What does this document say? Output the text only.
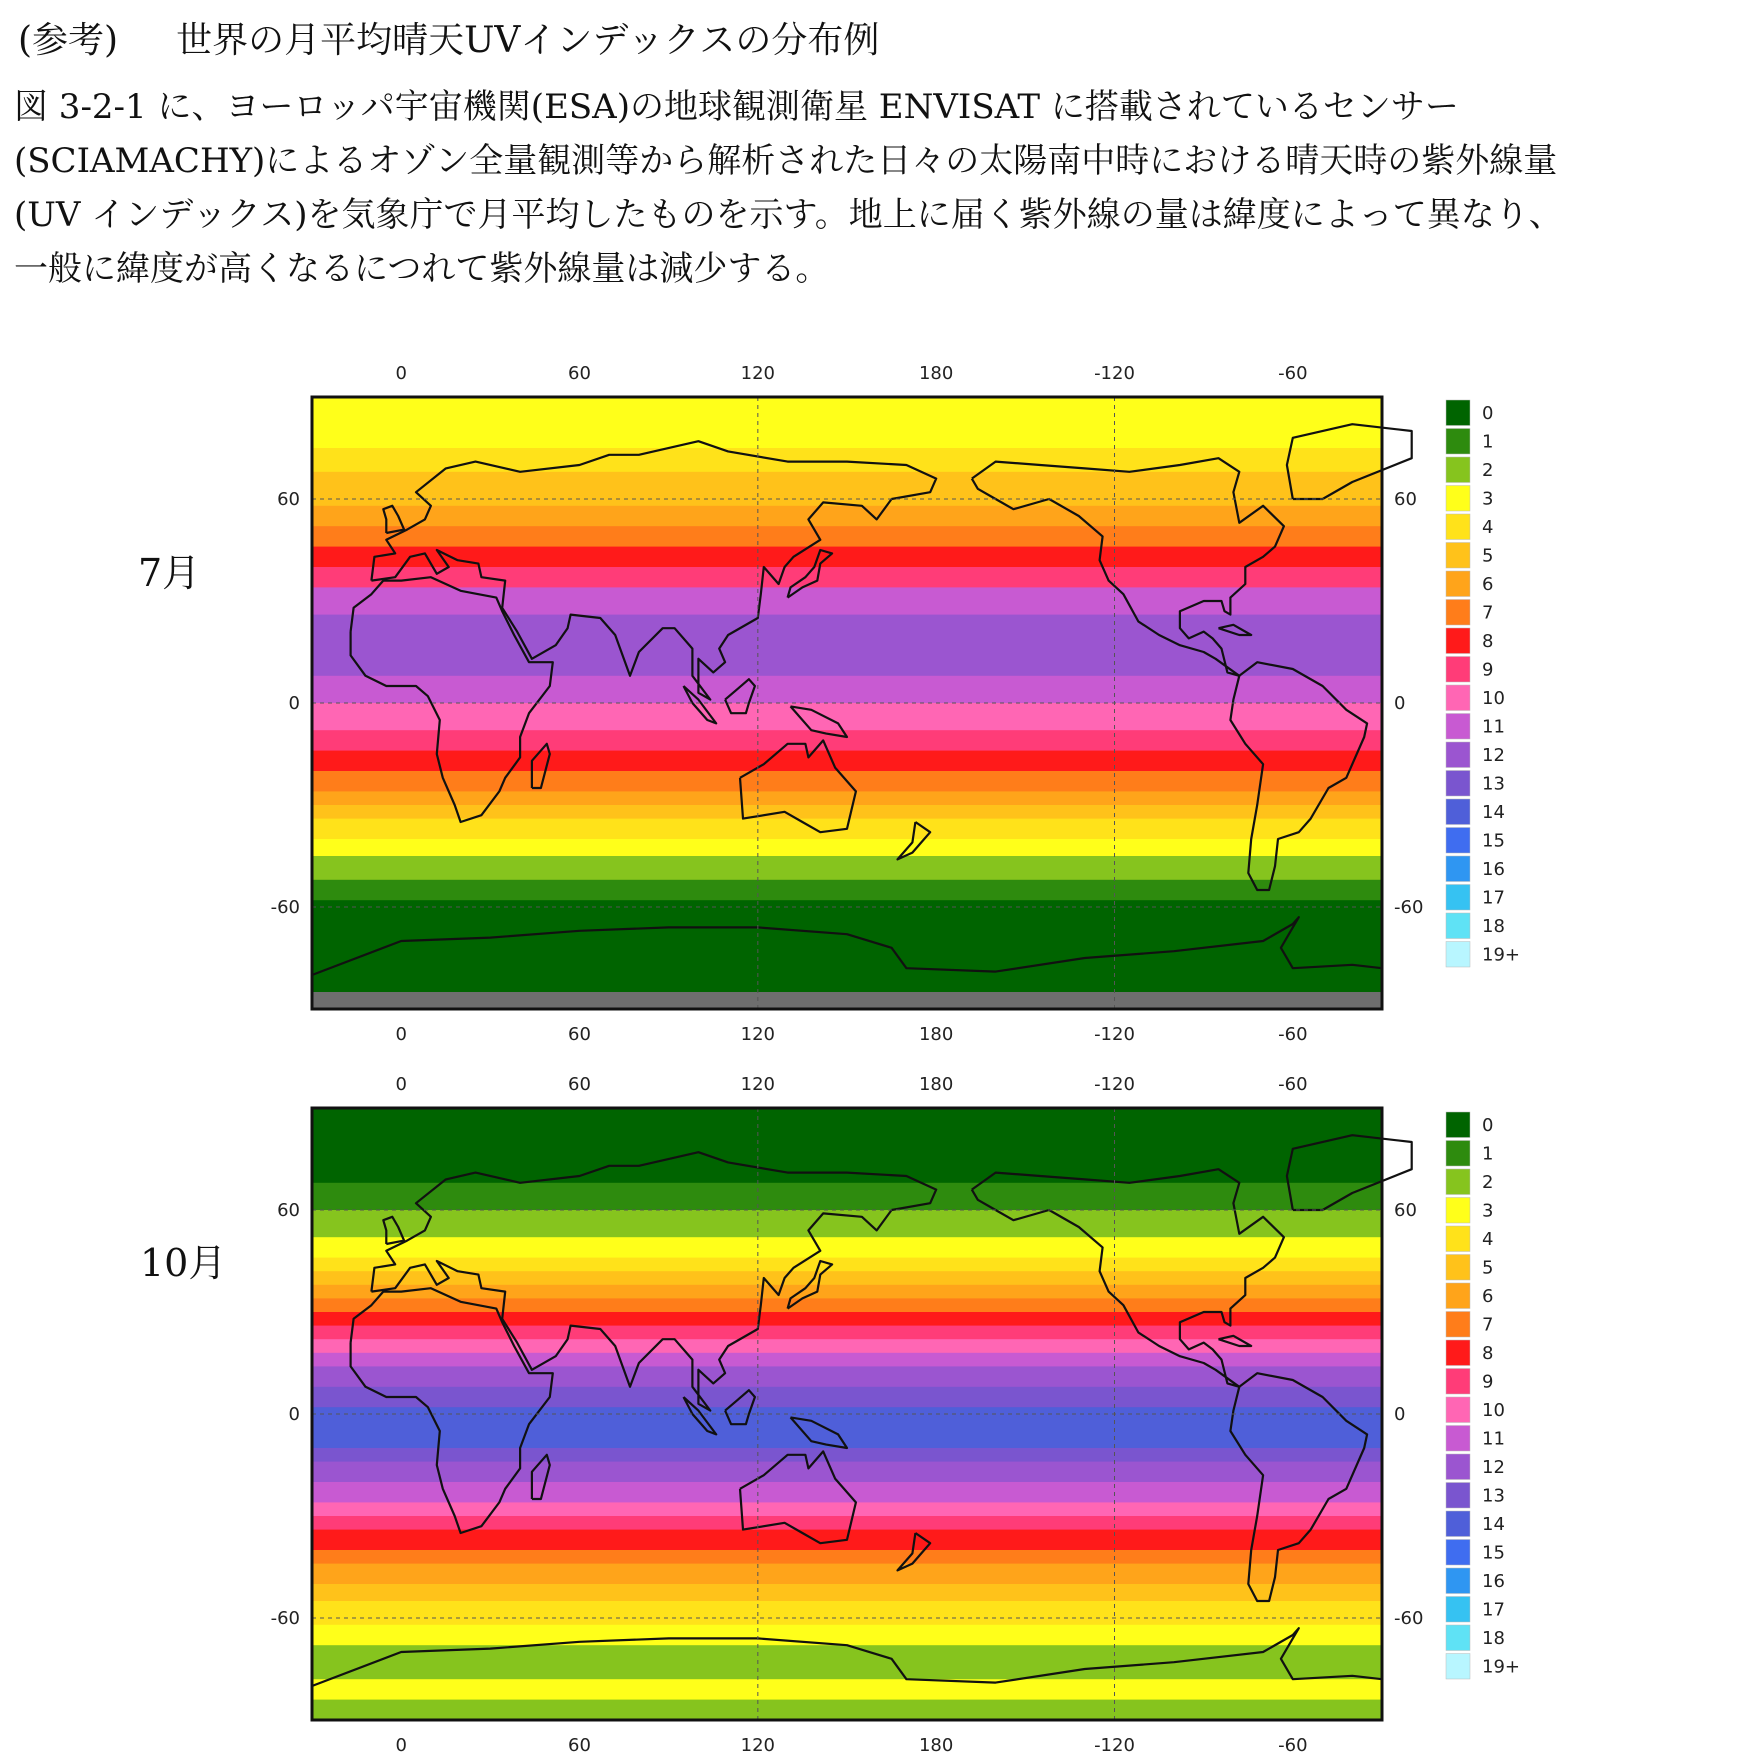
(参考) 世界の月平均晴天UVインデックスの分布例

図 3-2-1 に、ヨーロッパ宇宙機関(ESA)の地球観測衛星 ENVISAT に搭載されているセンサー

(SCIAMACHY)によるオゾン全量観測等から解析された日々の太陽南中時における晴天時の紫外線量

(UV インデックス)を気象庁で月平均したものを示す。地上に届く紫外線の量は緯度によって異なり、

一般に緯度が高くなるにつれて紫外線量は減少する。

7月
10月
0	60	120	180	-120	-60
0	60	120	180	-120	-60
60	60
0	0
-60	-60
0
1
2
3
4
5
6
7
8
9
10
11
12
13
14
15
16
17
18
19+
0	60	120	180	-120	-60
0	60	120	180	-120	-60
60	60
0	0
-60	-60
0
1
2
3
4
5
6
7
8
9
10
11
12
13
14
15
16
17
18
19+
